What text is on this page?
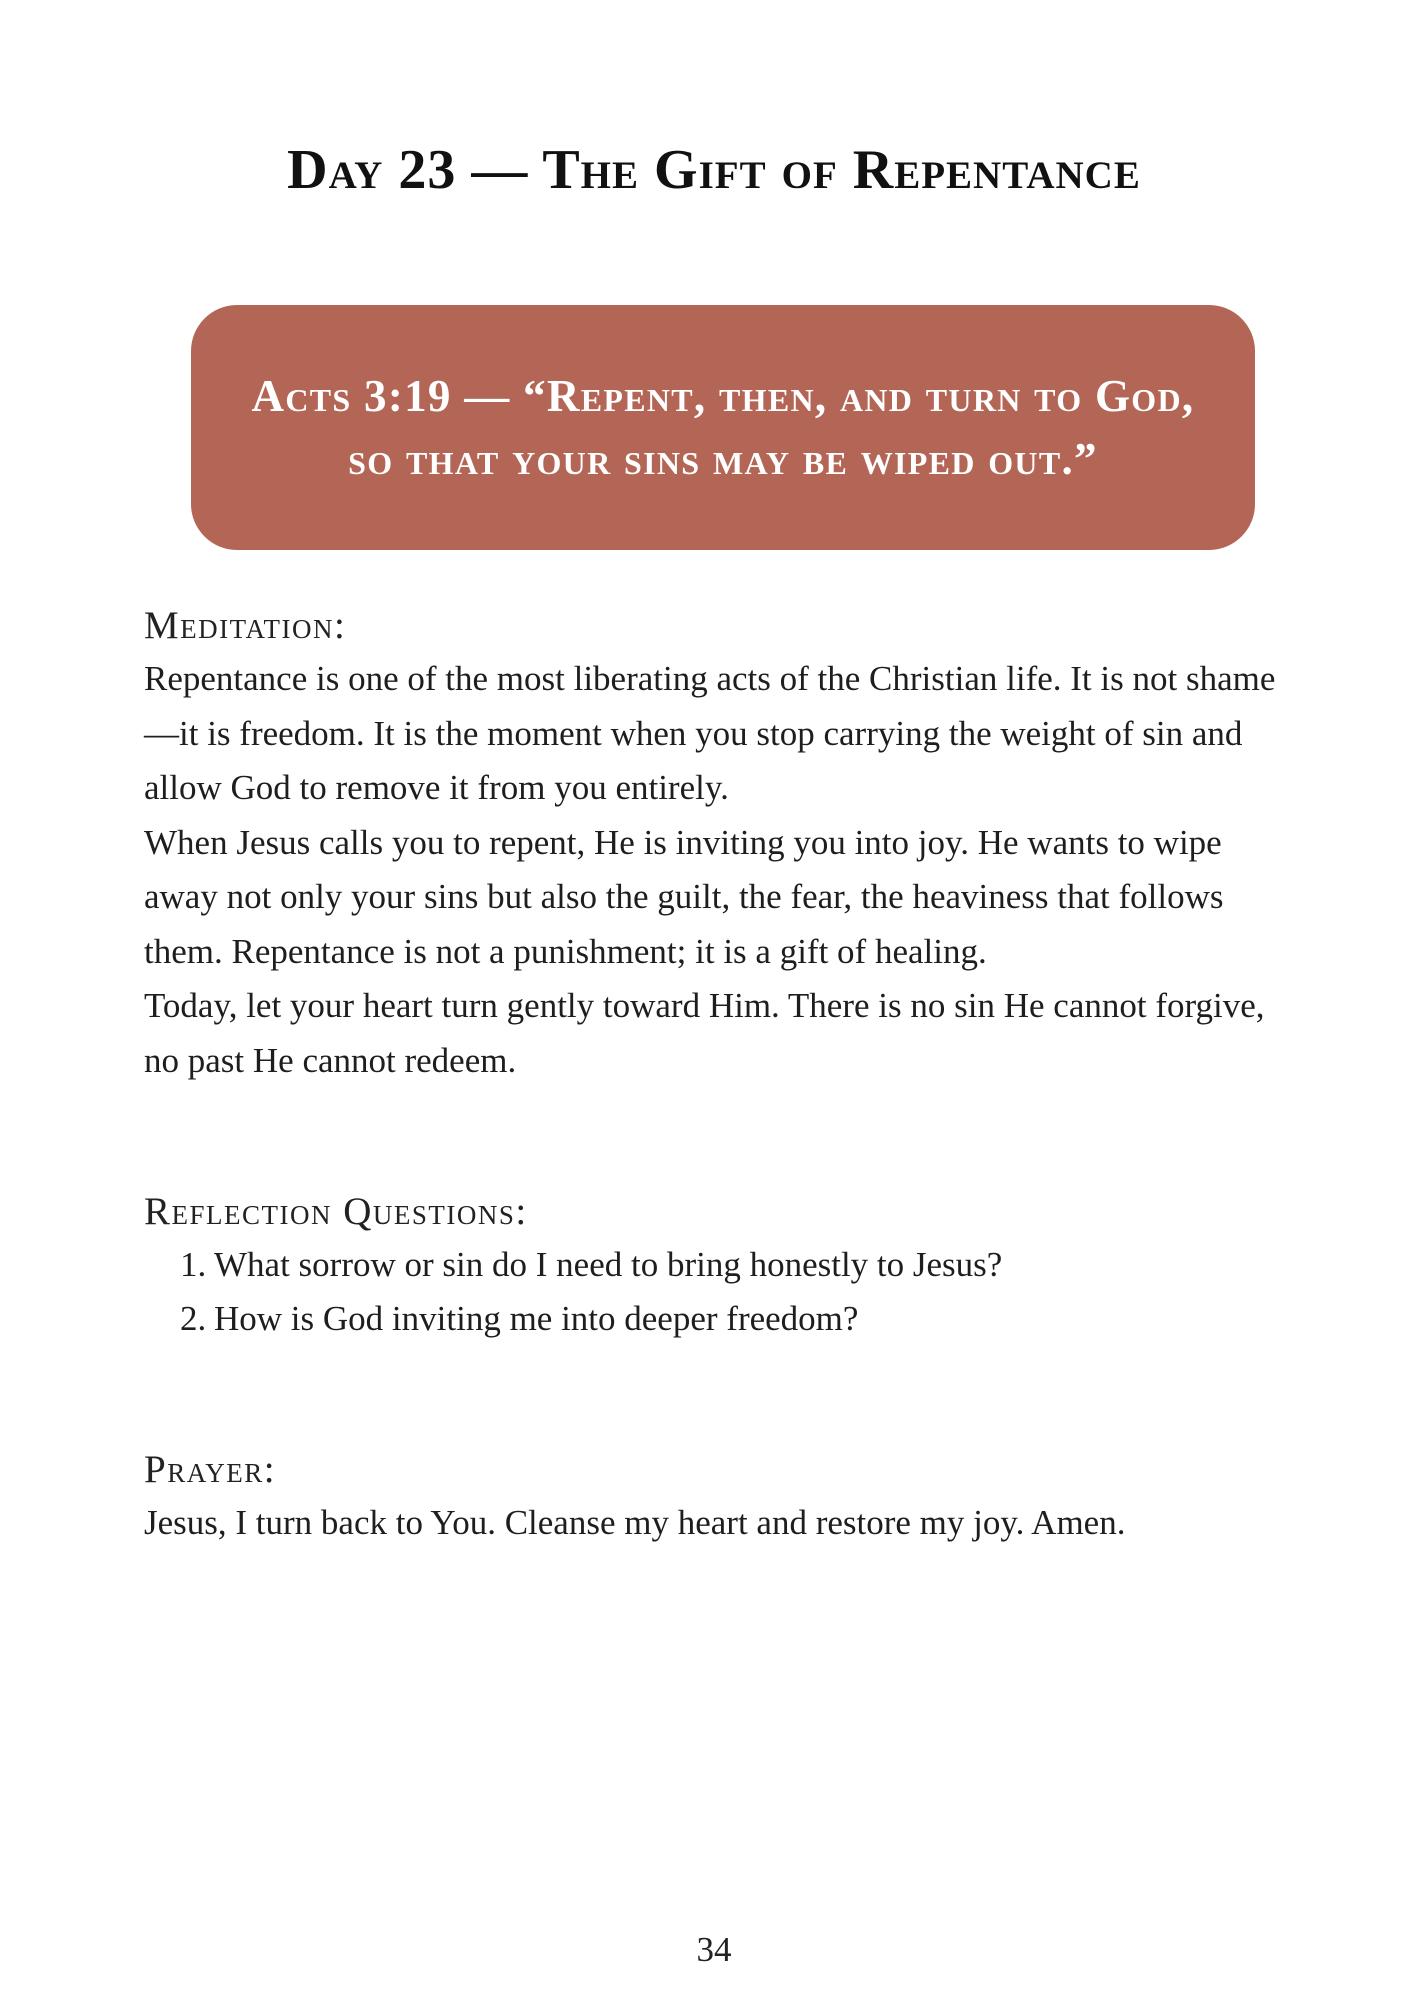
Day 23 — The Gift of Repentance
Acts 3:19 — “Repent, then, and turn to God, so that your sins may be wiped out.”
Meditation:
Repentance is one of the most liberating acts of the Christian life. It is not shame—it is freedom. It is the moment when you stop carrying the weight of sin and allow God to remove it from you entirely.
When Jesus calls you to repent, He is inviting you into joy. He wants to wipe away not only your sins but also the guilt, the fear, the heaviness that follows them. Repentance is not a punishment; it is a gift of healing.
Today, let your heart turn gently toward Him. There is no sin He cannot forgive, no past He cannot redeem.
Reflection Questions:
1. What sorrow or sin do I need to bring honestly to Jesus?
2. How is God inviting me into deeper freedom?
Prayer:
Jesus, I turn back to You. Cleanse my heart and restore my joy. Amen.
34
